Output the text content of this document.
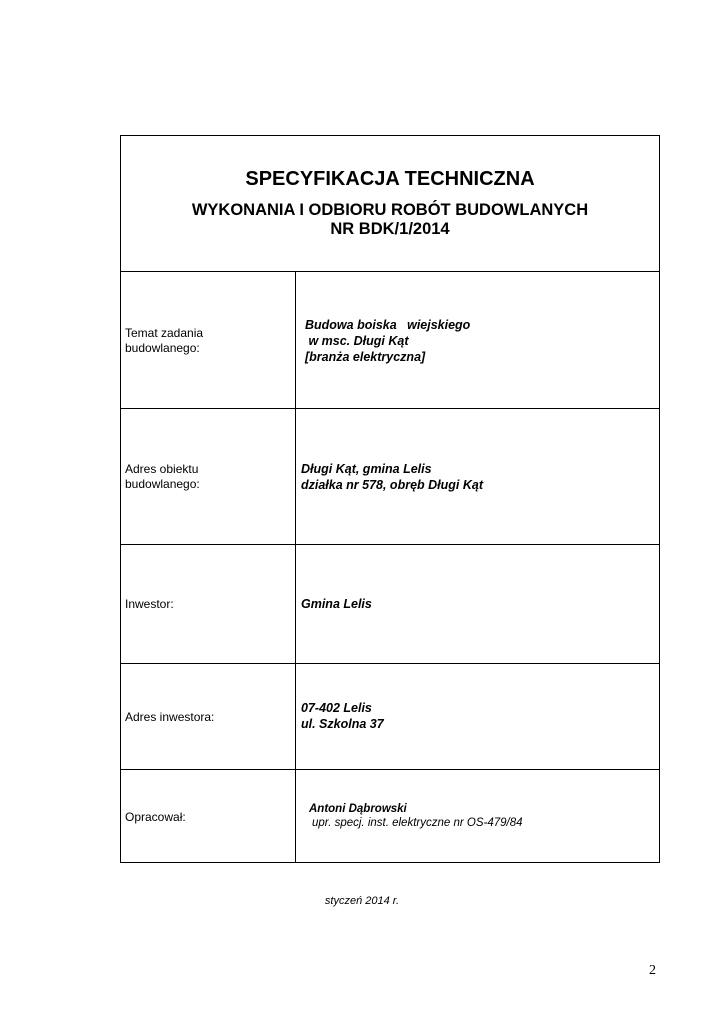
SPECYFIKACJA TECHNICZNA
WYKONANIA I ODBIORU ROBÓT BUDOWLANYCH
NR BDK/1/2014
Temat zadania
budowlanego:
Budowa boiska   wiejskiego
w msc. Długi Kąt
[branża elektryczna]
Adres obiektu
budowlanego:
Długi Kąt, gmina Lelis
działka nr 578, obręb Długi Kąt
Inwestor:	Gmina Lelis
Adres inwestora:
07-402 Lelis
ul. Szkolna 37
Opracował:
Antoni Dąbrowski
upr. specj. inst. elektryczne nr OS-479/84
styczeń 2014 r.
2
